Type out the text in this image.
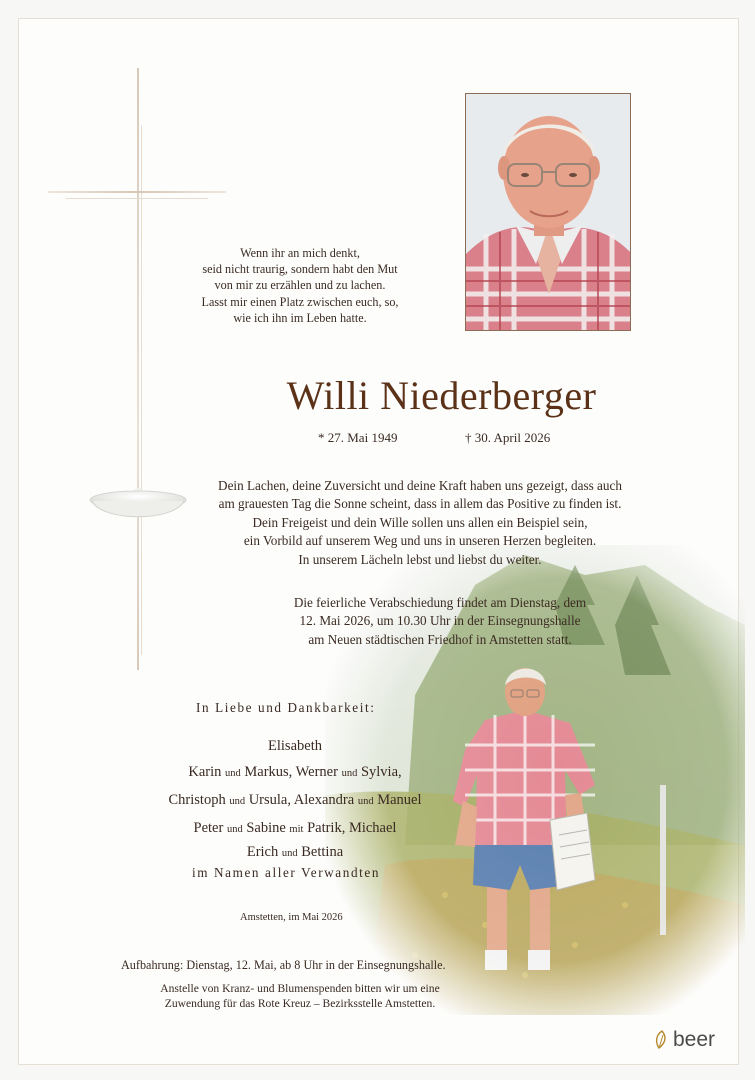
Wenn ihr an mich denkt,
seid nicht traurig, sondern habt den Mut
von mir zu erzählen und zu lachen.
Lasst mir einen Platz zwischen euch, so,
wie ich ihn im Leben hatte.
Willi Niederberger
* 27. Mai 1949	† 30. April 2026
Dein Lachen, deine Zuversicht und deine Kraft haben uns gezeigt, dass auch
am grauesten Tag die Sonne scheint, dass in allem das Positive zu finden ist.
Dein Freigeist und dein Wille sollen uns allen ein Beispiel sein,
ein Vorbild auf unserem Weg und uns in unseren Herzen begleiten.
In unserem Lächeln lebst und liebst du weiter.
Die feierliche Verabschiedung findet am Dienstag, dem
12. Mai 2026, um 10.30 Uhr in der Einsegnungshalle
am Neuen städtischen Friedhof in Amstetten statt.
In Liebe und Dankbarkeit:
Elisabeth
Karin und Markus, Werner und Sylvia,
Christoph und Ursula, Alexandra und Manuel
Peter und Sabine mit Patrik, Michael
Erich und Bettina
im Namen aller Verwandten
Amstetten, im Mai 2026
Aufbahrung: Dienstag, 12. Mai, ab 8 Uhr in der Einsegnungshalle.
Anstelle von Kranz- und Blumenspenden bitten wir um eine
Zuwendung für das Rote Kreuz – Bezirksstelle Amstetten.
beer
